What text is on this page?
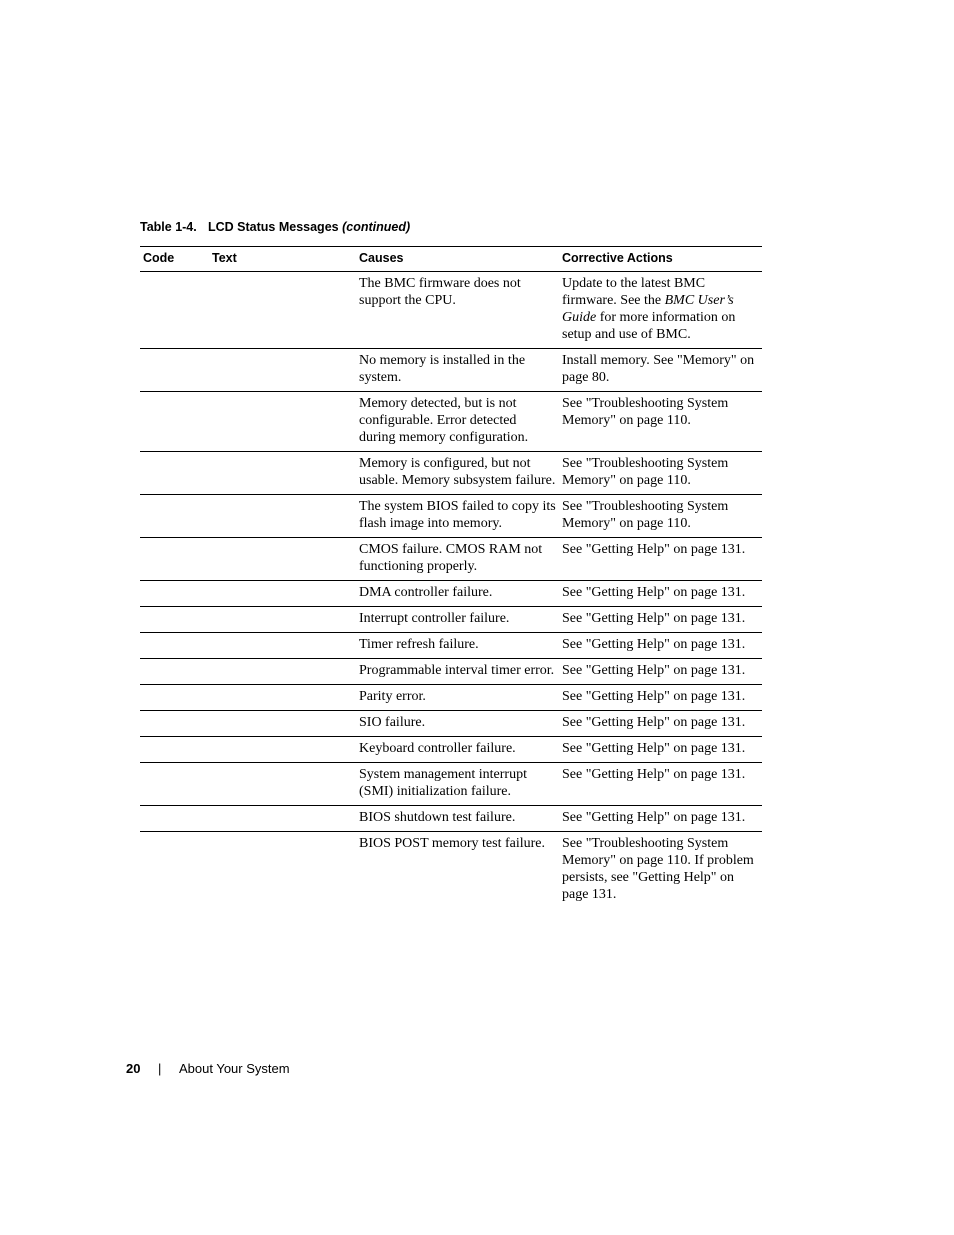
Table 1-4. LCD Status Messages (continued)
Code	Text	Causes	Corrective Actions
		The BMC firmware does not support the CPU.	Update to the latest BMC firmware. See the BMC User’s Guide for more information on setup and use of BMC.
		No memory is installed in the system.	Install memory. See "Memory" on page 80.
		Memory detected, but is not configurable. Error detected during memory configuration.	See "Troubleshooting System Memory" on page 110.
		Memory is configured, but not usable. Memory subsystem failure.	See "Troubleshooting System Memory" on page 110.
		The system BIOS failed to copy its flash image into memory.	See "Troubleshooting System Memory" on page 110.
		CMOS failure. CMOS RAM not functioning properly.	See "Getting Help" on page 131.
		DMA controller failure.	See "Getting Help" on page 131.
		Interrupt controller failure.	See "Getting Help" on page 131.
		Timer refresh failure.	See "Getting Help" on page 131.
		Programmable interval timer error.	See "Getting Help" on page 131.
		Parity error.	See "Getting Help" on page 131.
		SIO failure.	See "Getting Help" on page 131.
		Keyboard controller failure.	See "Getting Help" on page 131.
		System management interrupt (SMI) initialization failure.	See "Getting Help" on page 131.
		BIOS shutdown test failure.	See "Getting Help" on page 131.
		BIOS POST memory test failure.	See "Troubleshooting System Memory" on page 110. If problem persists, see "Getting Help" on page 131.
20 | About Your System
